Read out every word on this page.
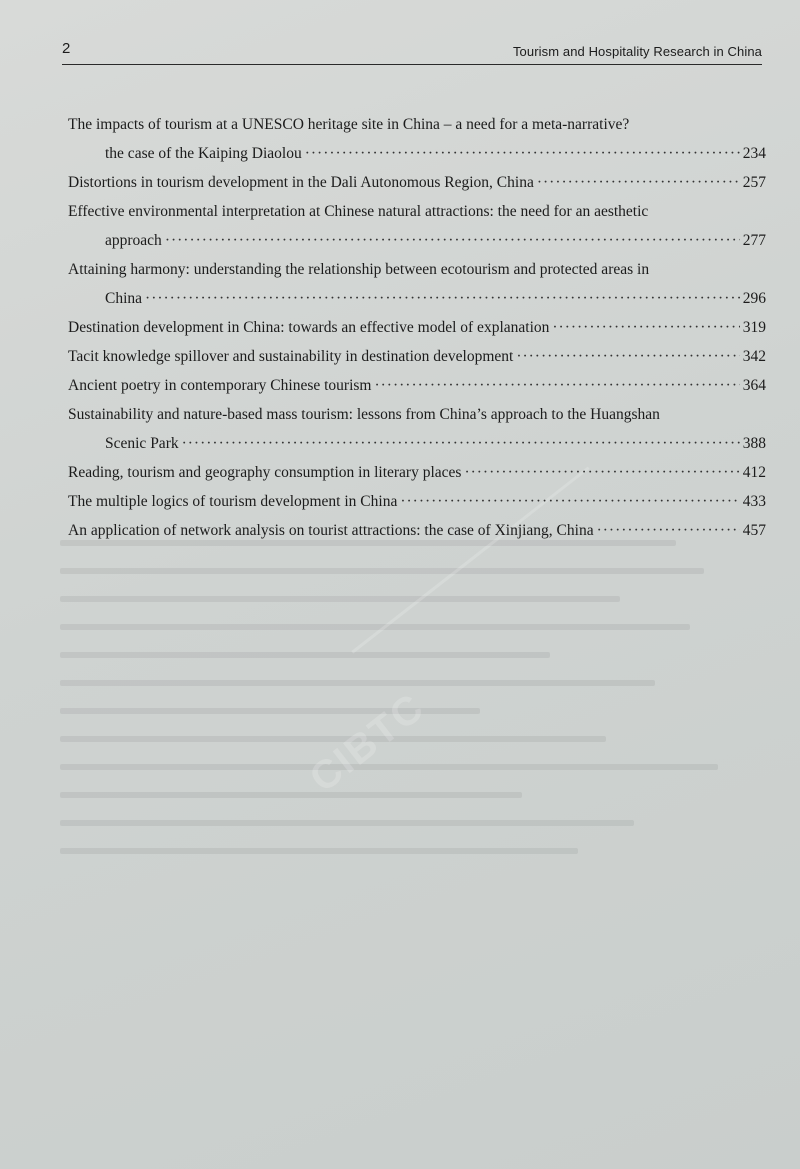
2	Tourism and Hospitality Research in China
CIBTC
The impacts of tourism at a UNESCO heritage site in China – a need for a meta-narrative?
the case of the Kaiping Diaolou ·····	234
Distortions in tourism development in the Dali Autonomous Region, China ·····	257
Effective environmental interpretation at Chinese natural attractions: the need for an aesthetic
approach ·····	277
Attaining harmony: understanding the relationship between ecotourism and protected areas in
China ·····	296
Destination development in China: towards an effective model of explanation ·····	319
Tacit knowledge spillover and sustainability in destination development ·····	342
Ancient poetry in contemporary Chinese tourism ·····	364
Sustainability and nature-based mass tourism: lessons from China’s approach to the Huangshan
Scenic Park ·····	388
Reading, tourism and geography consumption in literary places ·····	412
The multiple logics of tourism development in China ·····	433
An application of network analysis on tourist attractions: the case of Xinjiang, China ·····	457
